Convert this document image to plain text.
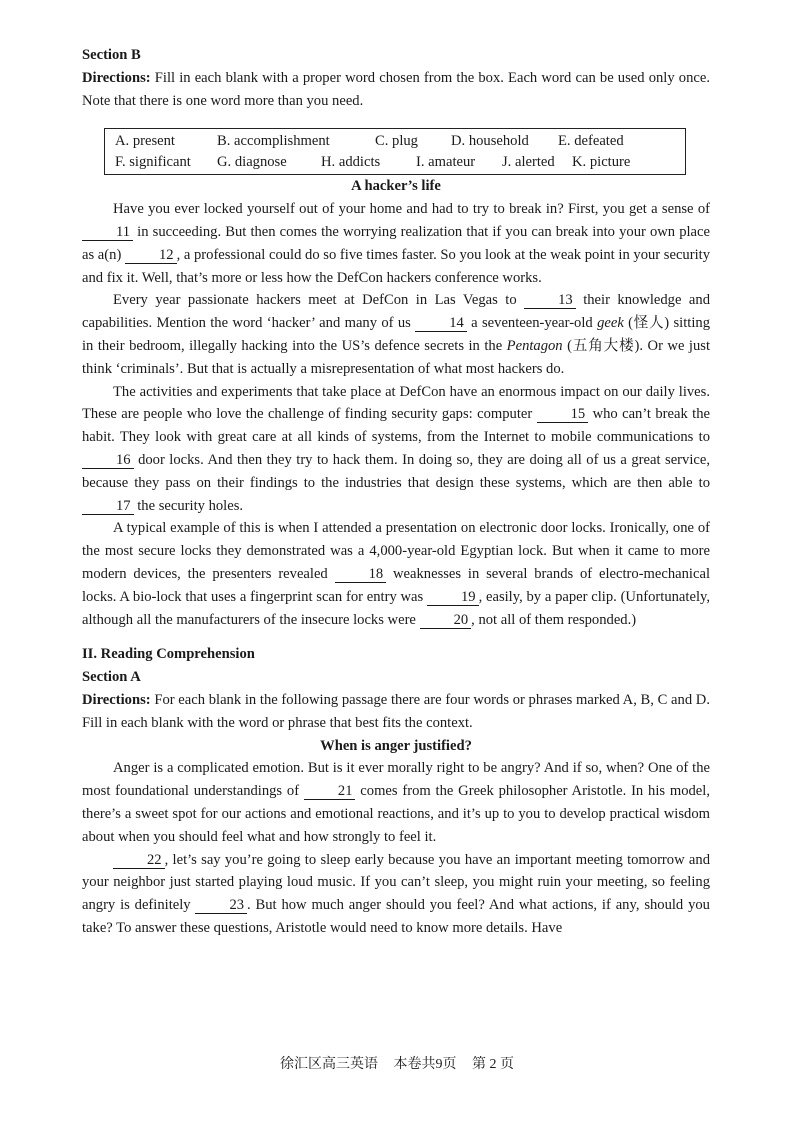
Section B

Directions: Fill in each blank with a proper word chosen from the box. Each word can be used only once. Note that there is one word more than you need.

A. present	B. accomplishment	C. plug	D. household	E. defeated
F. significant	G. diagnose	H. addicts	I. amateur	J. alerted	K. picture

A hacker’s life

Have you ever locked yourself out of your home and had to try to break in? First, you get a sense of 11 in succeeding. But then comes the worrying realization that if you can break into your own place as a(n) 12 , a professional could do so five times faster. So you look at the weak point in your security and fix it. Well, that’s more or less how the DefCon hackers conference works.

Every year passionate hackers meet at DefCon in Las Vegas to 13 their knowledge and capabilities. Mention the word ‘hacker’ and many of us 14 a seventeen-year-old geek (怪人) sitting in their bedroom, illegally hacking into the US’s defence secrets in the Pentagon (五角大楼). Or we just think ‘criminals’. But that is actually a misrepresentation of what most hackers do.

The activities and experiments that take place at DefCon have an enormous impact on our daily lives. These are people who love the challenge of finding security gaps: computer 15 who can’t break the habit. They look with great care at all kinds of systems, from the Internet to mobile communications to 16 door locks. And then they try to hack them. In doing so, they are doing all of us a great service, because they pass on their findings to the industries that design these systems, which are then able to 17 the security holes.

A typical example of this is when I attended a presentation on electronic door locks. Ironically, one of the most secure locks they demonstrated was a 4,000-year-old Egyptian lock. But when it came to more modern devices, the presenters revealed 18 weaknesses in several brands of electro-mechanical locks. A bio-lock that uses a fingerprint scan for entry was 19 , easily, by a paper clip. (Unfortunately, although all the manufacturers of the insecure locks were 20 , not all of them responded.)

II. Reading Comprehension

Section A

Directions: For each blank in the following passage there are four words or phrases marked A, B, C and D. Fill in each blank with the word or phrase that best fits the context.

When is anger justified?

Anger is a complicated emotion. But is it ever morally right to be angry? And if so, when? One of the most foundational understandings of 21 comes from the Greek philosopher Aristotle. In his model, there’s a sweet spot for our actions and emotional reactions, and it’s up to you to develop practical wisdom about when you should feel what and how strongly to feel it.

22 , let’s say you’re going to sleep early because you have an important meeting tomorrow and your neighbor just started playing loud music. If you can’t sleep, you might ruin your meeting, so feeling angry is definitely 23 . But how much anger should you feel? And what actions, if any, should you take? To answer these questions, Aristotle would need to know more details. Have

徐汇区高三英语 本卷共9页 第 2 页
